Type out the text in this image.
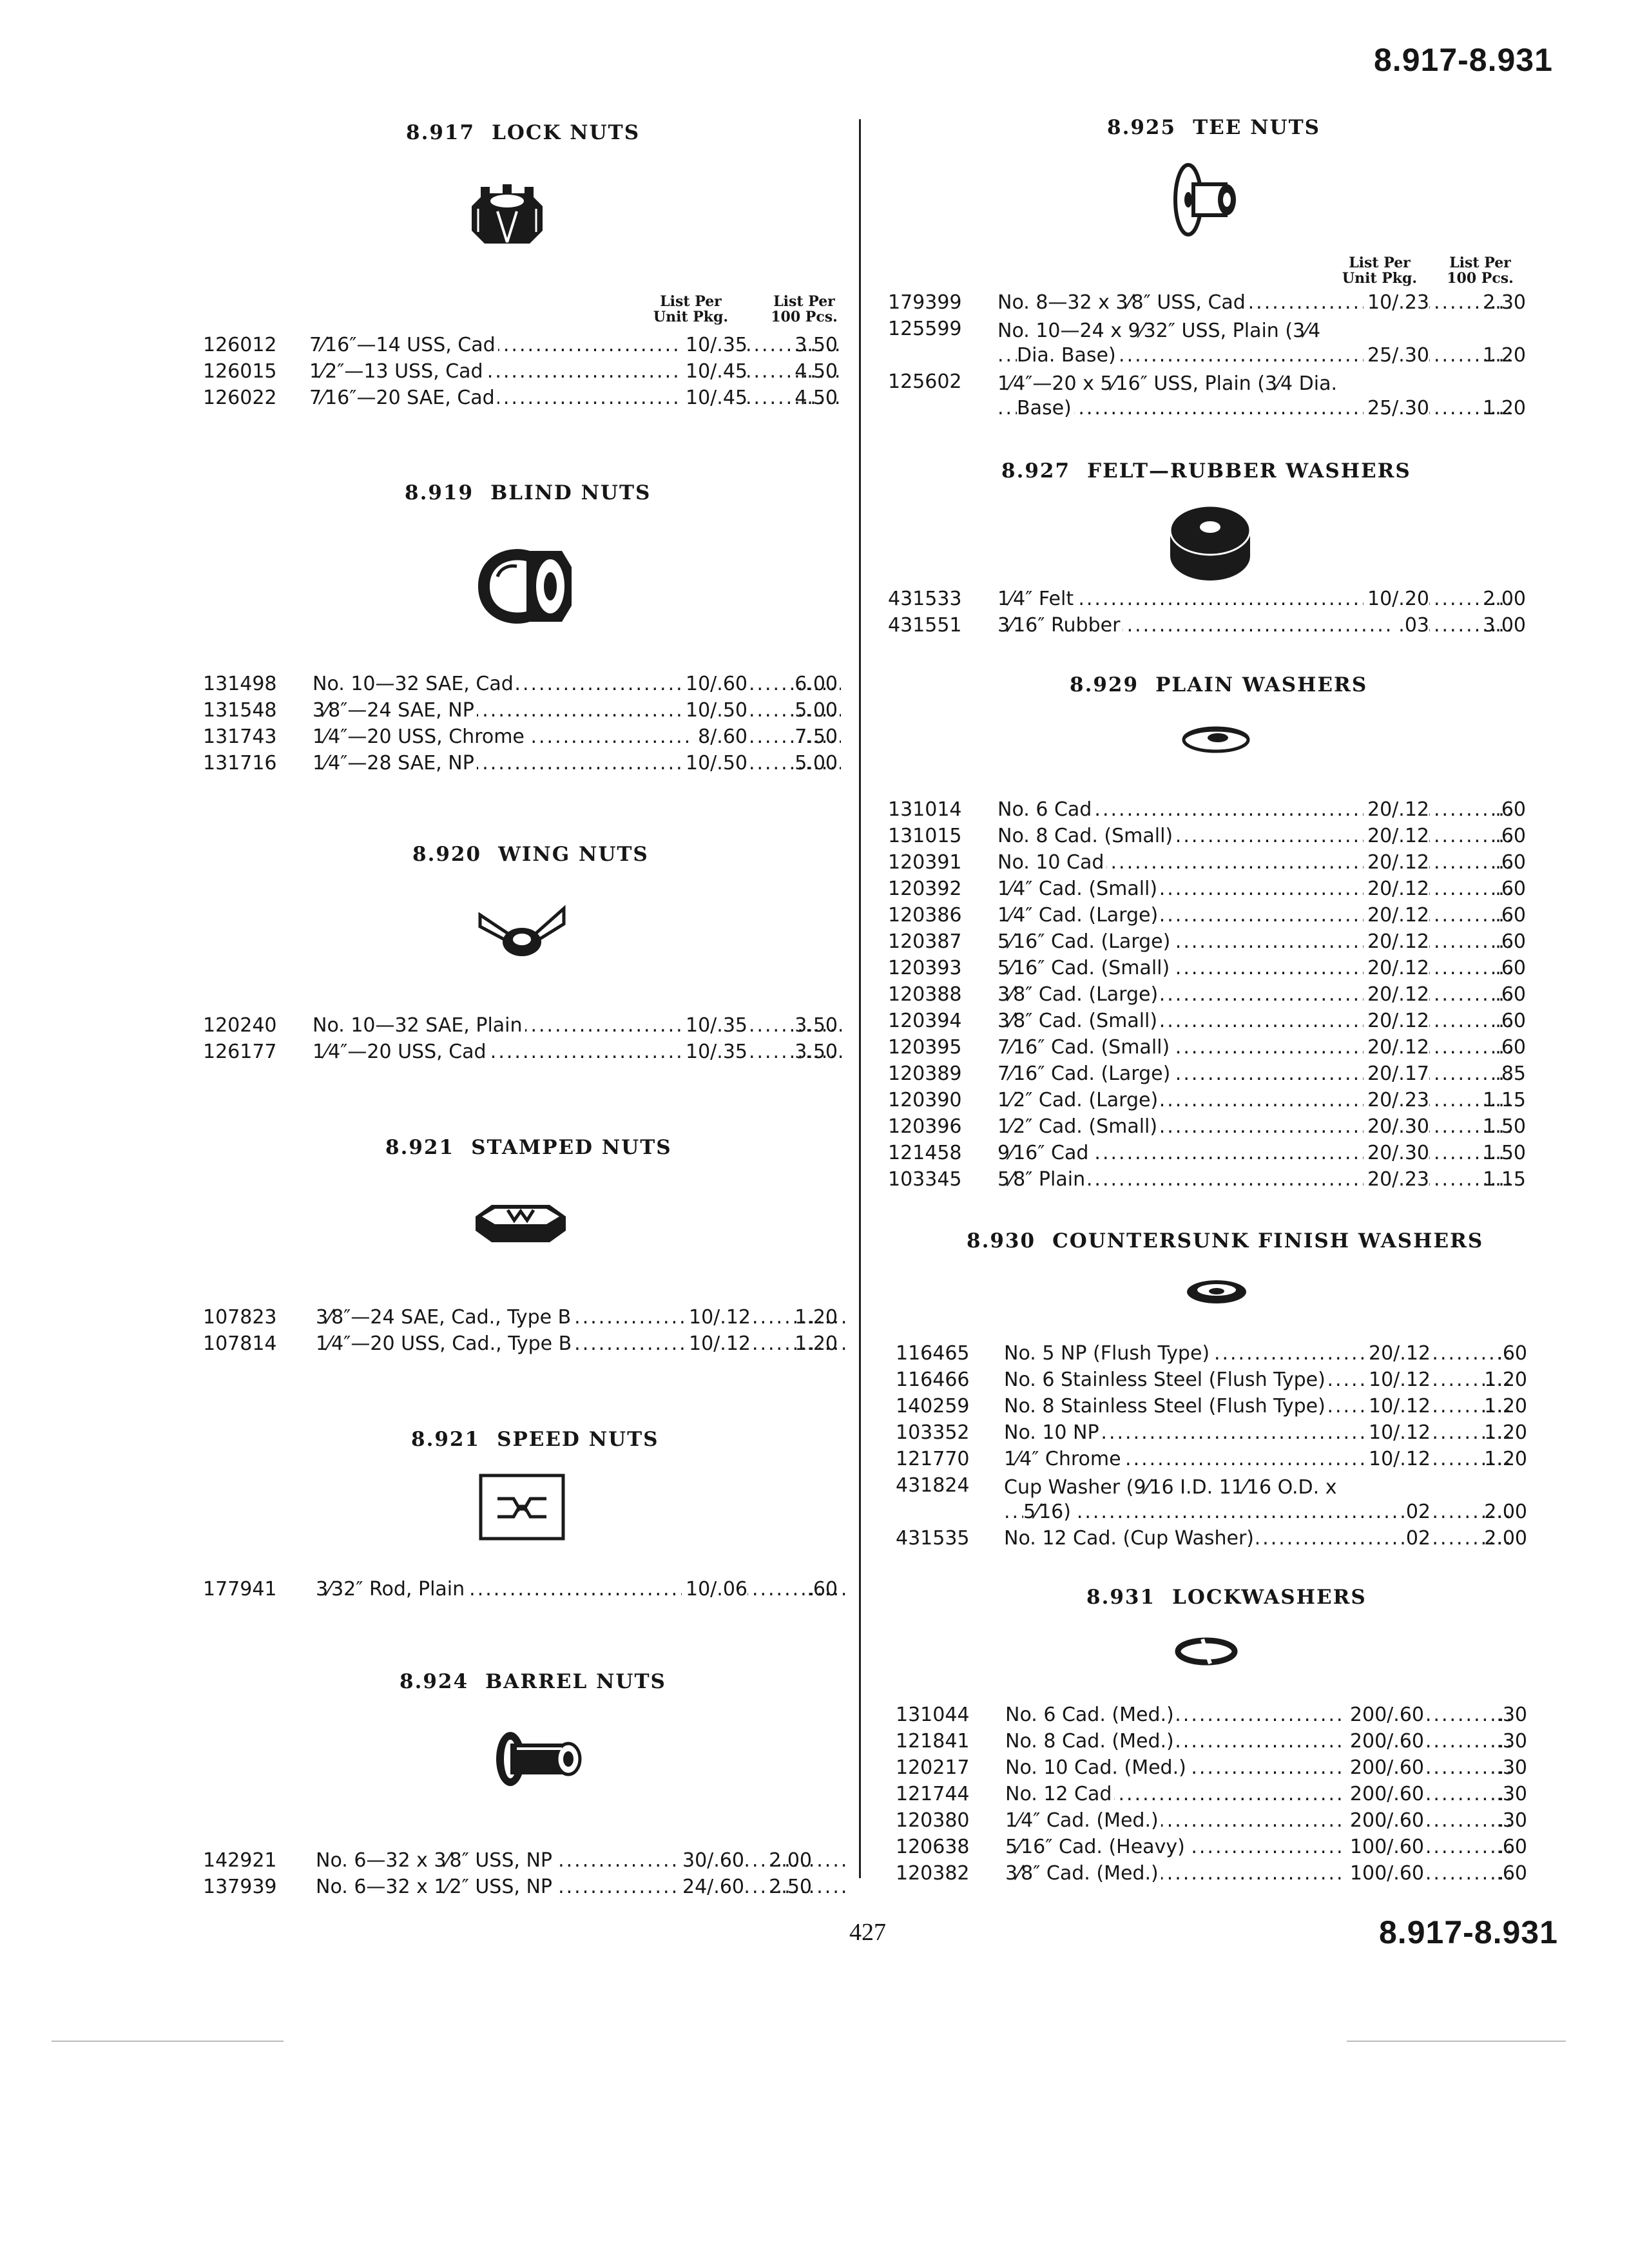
8.917-8.931
8.917 LOCK NUTS
List Per
Unit Pkg.
List Per
100 Pcs.
126012 7⁄16″—14 USS, Cad .....	10/.35 3.50
126015 1⁄2″—13 USS, Cad .....	10/.45 4.50
126022 7⁄16″—20 SAE, Cad .....	10/.45 4.50
8.919 BLIND NUTS
131498 No. 10—32 SAE, Cad .....	10/.60 6.00
131548 3⁄8″—24 SAE, NP .....	10/.50 5.00
131743 1⁄4″—20 USS, Chrome .....	8/.60 7.50
131716 1⁄4″—28 SAE, NP .....	10/.50 5.00
8.920 WING NUTS
120240 No. 10—32 SAE, Plain .....	10/.35 3.50
126177 1⁄4″—20 USS, Cad .....	10/.35 3.50
8.921 STAMPED NUTS
107823 3⁄8″—24 SAE, Cad., Type B .....	10/.12 1.20
107814 1⁄4″—20 USS, Cad., Type B .....	10/.12 1.20
8.921 SPEED NUTS
177941 3⁄32″ Rod, Plain .....	10/.06	.60
8.924 BARREL NUTS
142921 No. 6—32 x 3⁄8″ USS, NP .....	30/.60 2.00
137939 No. 6—32 x 1⁄2″ USS, NP .....	24/.60 2.50
8.925 TEE NUTS
List Per
Unit Pkg.
List Per
100 Pcs.
179399 No. 8—32 x 3⁄8″ USS, Cad .....	10/.23	2.30
125599 No. 10—24 x 9⁄32″ USS, Plain (3⁄4
Dia. Base)
.....	25/.30	1.20
125602 1⁄4″—20 x 5⁄16″ USS, Plain (3⁄4 Dia.
Base)
.....	25/.30	1.20
8.927 FELT—RUBBER WASHERS
431533 1⁄4″ Felt .....	10/.20	2.00
431551 3⁄16″ Rubber .....	.03	3.00
8.929 PLAIN WASHERS
131014 No. 6 Cad .....	20/.12	.60
131015 No. 8 Cad. (Small) .....	20/.12	.60
120391 No. 10 Cad .....	20/.12	.60
120392 1⁄4″ Cad. (Small) .....	20/.12	.60
120386 1⁄4″ Cad. (Large) .....	20/.12	.60
120387 5⁄16″ Cad. (Large) .....	20/.12	.60
120393 5⁄16″ Cad. (Small) .....	20/.12	.60
120388 3⁄8″ Cad. (Large) .....	20/.12	.60
120394 3⁄8″ Cad. (Small) .....	20/.12	.60
120395 7⁄16″ Cad. (Small) .....	20/.12	.60
120389 7⁄16″ Cad. (Large) .....	20/.17	.85
120390 1⁄2″ Cad. (Large) .....	20/.23	1.15
120396 1⁄2″ Cad. (Small) .....	20/.30	1.50
121458 9⁄16″ Cad .....	20/.30	1.50
103345 5⁄8″ Plain .....	20/.23	1.15
8.930 COUNTERSUNK FINISH WASHERS
116465 No. 5 NP (Flush Type) .....	20/.12	.60
116466 No. 6 Stainless Steel (Flush Type) .....	10/.12	1.20
140259 No. 8 Stainless Steel (Flush Type) .....	10/.12	1.20
103352 No. 10 NP .....	10/.12	1.20
121770 1⁄4″ Chrome .....	10/.12	1.20
431824 Cup Washer (9⁄16 I.D. 11⁄16 O.D. x
5⁄16)
.....	.02	2.00
431535 No. 12 Cad. (Cup Washer) .....	.02	2.00
8.931 LOCKWASHERS
131044 No. 6 Cad. (Med.) .....	200/.60	.30
121841 No. 8 Cad. (Med.) .....	200/.60	.30
120217 No. 10 Cad. (Med.) .....	200/.60	.30
121744 No. 12 Cad .....	200/.60	.30
120380 1⁄4″ Cad. (Med.) .....	200/.60	.30
120638 5⁄16″ Cad. (Heavy) .....	100/.60	.60
120382 3⁄8″ Cad. (Med.) .....	100/.60	.60
427	8.917-8.931
